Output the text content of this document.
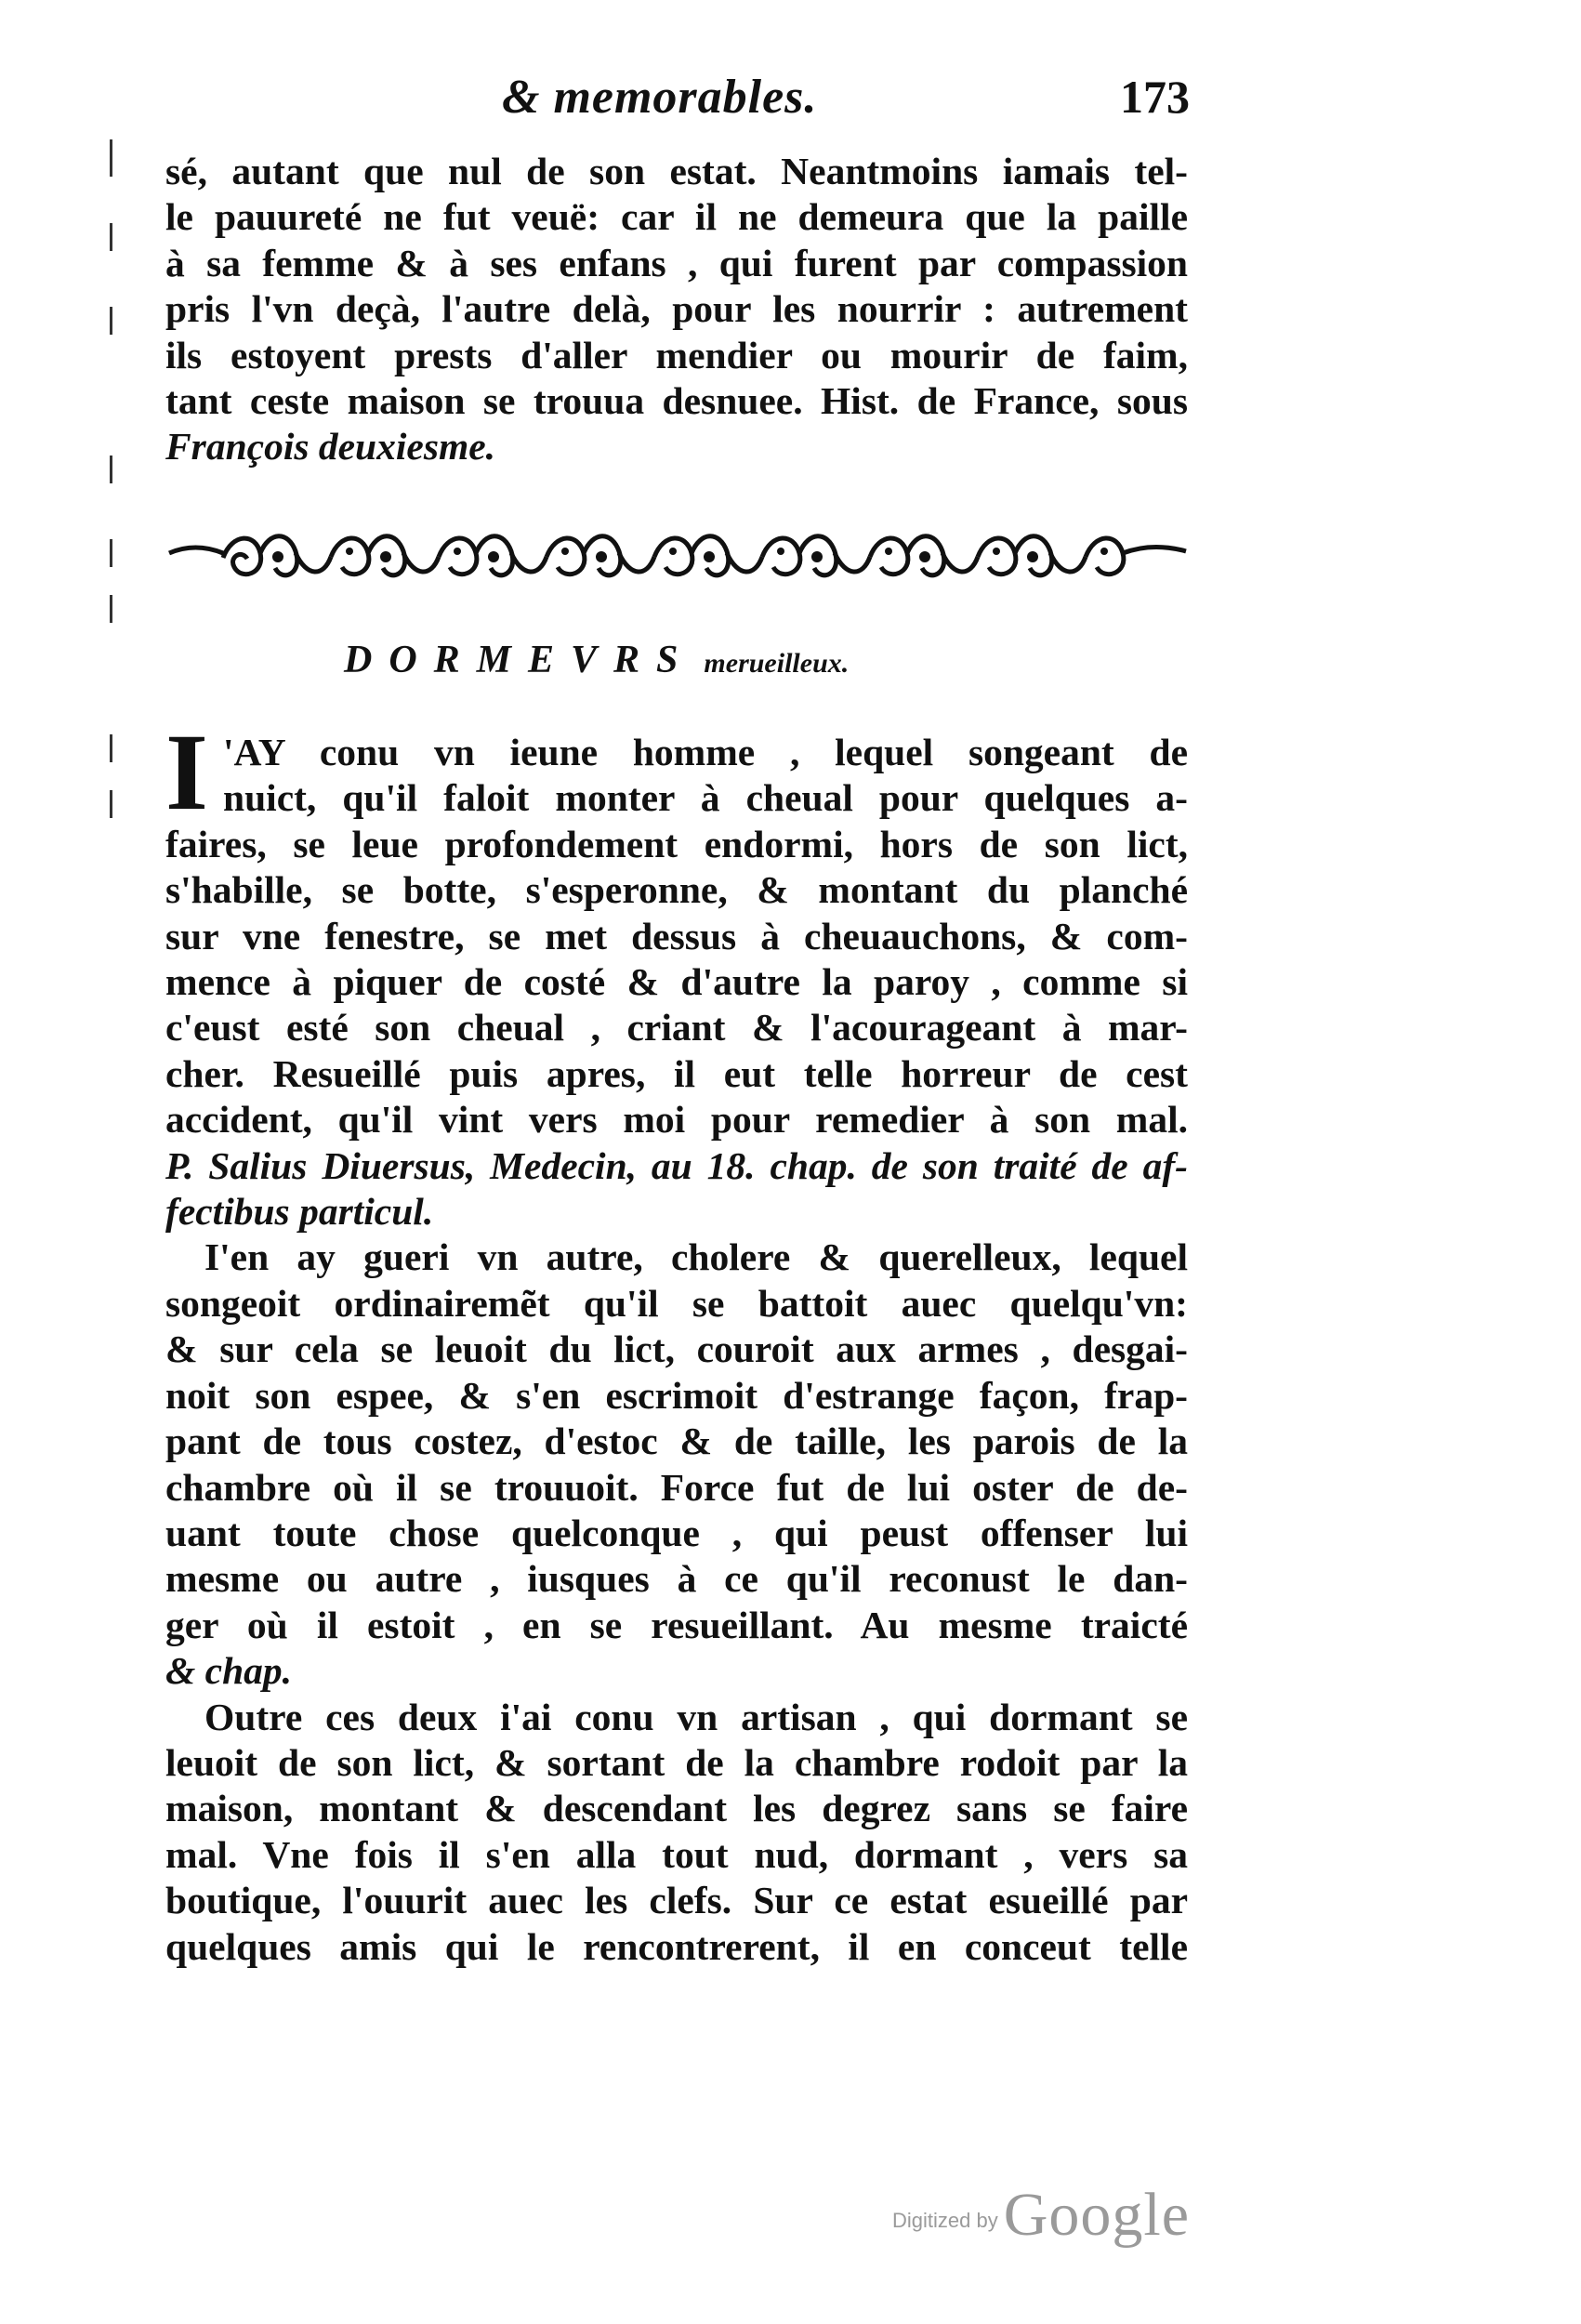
& memorables.	173
sé, autant que nul de son estat. Neantmoins iamais tel-
le pauureté ne fut veuë: car il ne demeura que la paille
à sa femme & à ses enfans , qui furent par compassion
pris l'vn deçà, l'autre delà, pour les nourrir : autrement
ils estoyent prests d'aller mendier ou mourir de faim,
tant ceste maison se trouua desnuee. Hist. de France, sous
François deuxiesme.
DORMEVRS merueilleux.
I 'AY conu vn ieune homme , lequel songeant de
nuict, qu'il faloit monter à cheual pour quelques a-
faires, se leue profondement endormi, hors de son lict,
s'habille, se botte, s'esperonne, & montant du planché
sur vne fenestre, se met dessus à cheuauchons, & com-
mence à piquer de costé & d'autre la paroy , comme si
c'eust esté son cheual , criant & l'acourageant à mar-
cher. Resueillé puis apres, il eut telle horreur de cest
accident, qu'il vint vers moi pour remedier à son mal.
P. Salius Diuersus, Medecin, au 18. chap. de son traité de af-
fectibus particul.
I'en ay gueri vn autre, cholere & querelleux, lequel
songeoit ordinairemẽt qu'il se battoit auec quelqu'vn:
& sur cela se leuoit du lict, couroit aux armes , desgai-
noit son espee, & s'en escrimoit d'estrange façon, frap-
pant de tous costez, d'estoc & de taille, les parois de la
chambre où il se trouuoit. Force fut de lui oster de de-
uant toute chose quelconque , qui peust offenser lui
mesme ou autre , iusques à ce qu'il reconust le dan-
ger où il estoit , en se resueillant. Au mesme traicté
& chap.
Outre ces deux i'ai conu vn artisan , qui dormant se
leuoit de son lict, & sortant de la chambre rodoit par la
maison, montant & descendant les degrez sans se faire
mal. Vne fois il s'en alla tout nud, dormant , vers sa
boutique, l'ouurit auec les clefs. Sur ce estat esueillé par
quelques amis qui le rencontrerent, il en conceut telle
Digitized byGoogle
